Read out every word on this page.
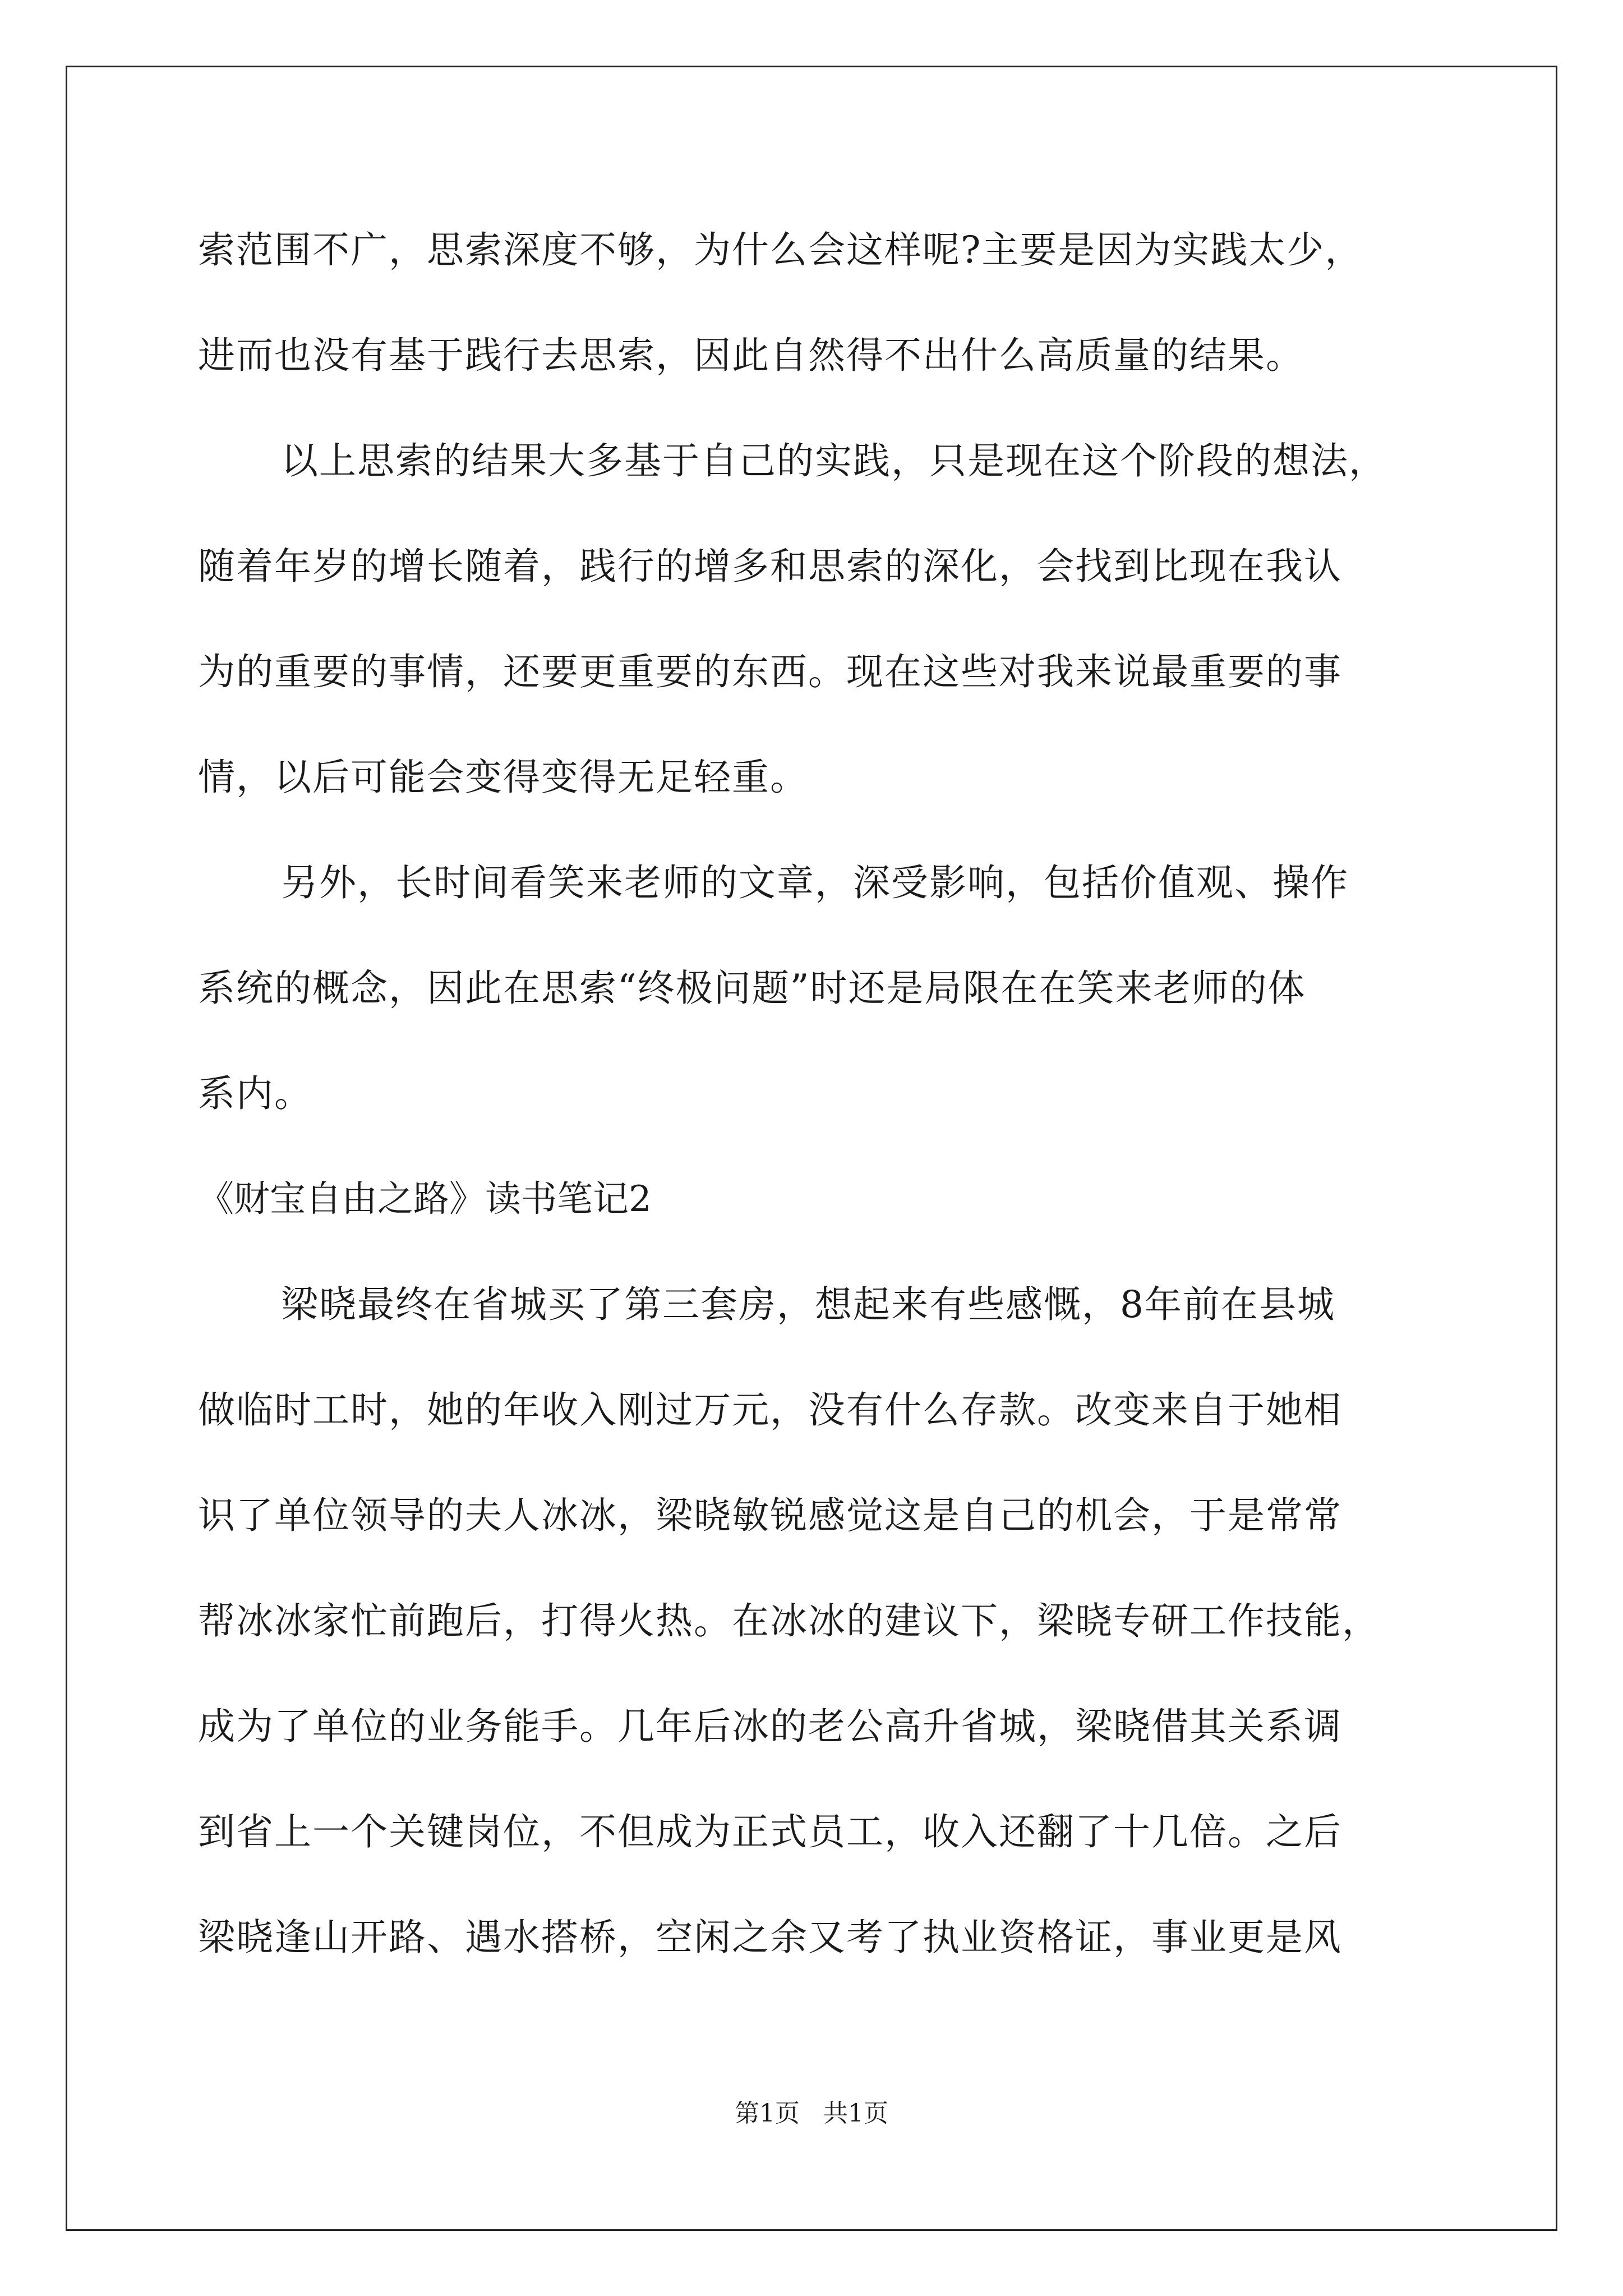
索范围不广，思索深度不够，为什么会这样呢?主要是因为实践太少，
进而也没有基于践行去思索，因此自然得不出什么高质量的结果。
以上思索的结果大多基于自己的实践，只是现在这个阶段的想法，
随着年岁的增长随着，践行的增多和思索的深化，会找到比现在我认
为的重要的事情，还要更重要的东西。现在这些对我来说最重要的事
情，以后可能会变得变得无足轻重。
另外，长时间看笑来老师的文章，深受影响，包括价值观、操作
系统的概念，因此在思索“终极问题”时还是局限在在笑来老师的体
系内。
《财宝自由之路》读书笔记2
梁晓最终在省城买了第三套房，想起来有些感慨，8年前在县城
做临时工时，她的年收入刚过万元，没有什么存款。改变来自于她相
识了单位领导的夫人冰冰，梁晓敏锐感觉这是自己的机会，于是常常
帮冰冰家忙前跑后，打得火热。在冰冰的建议下，梁晓专研工作技能，
成为了单位的业务能手。几年后冰的老公高升省城，梁晓借其关系调
到省上一个关键岗位，不但成为正式员工，收入还翻了十几倍。之后
梁晓逢山开路、遇水搭桥，空闲之余又考了执业资格证，事业更是风
第1页   共1页
